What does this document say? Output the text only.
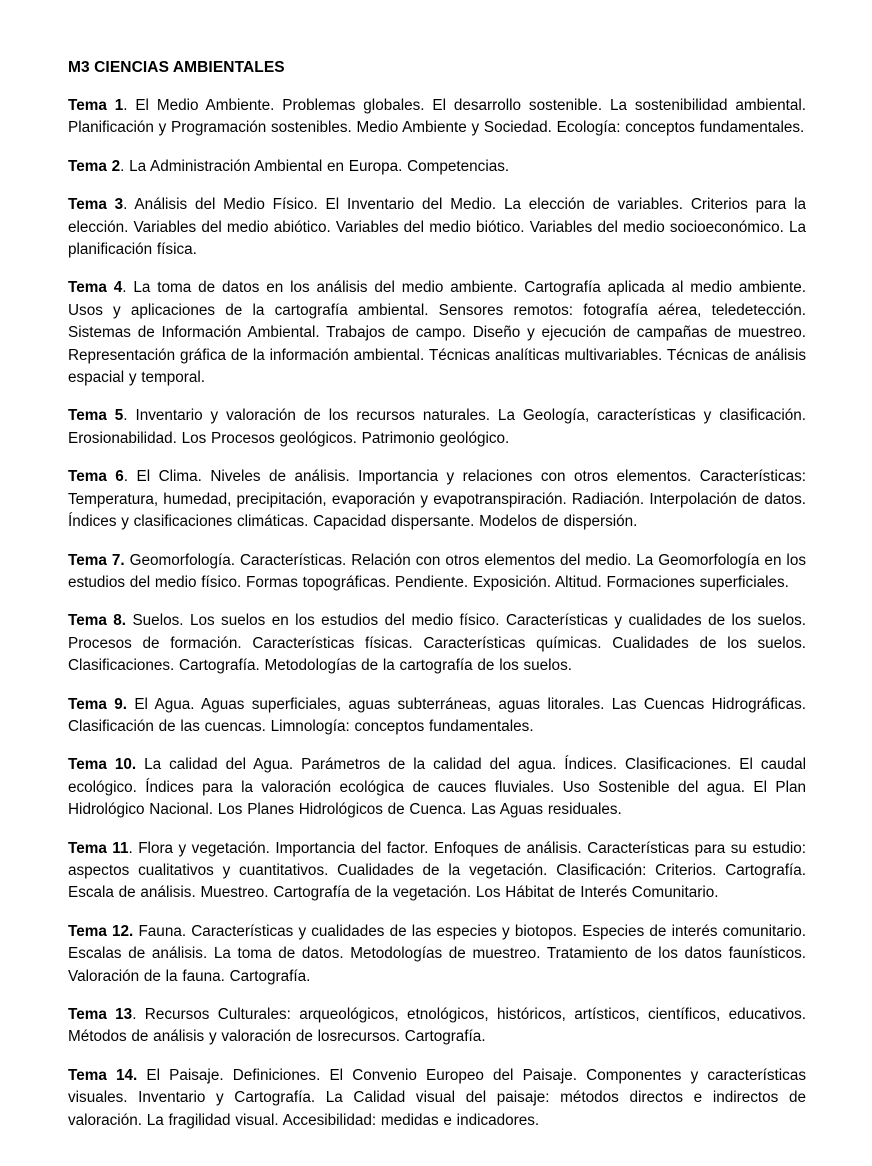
M3 CIENCIAS AMBIENTALES

Tema 1. El Medio Ambiente. Problemas globales. El desarrollo sostenible. La sostenibilidad ambiental. Planificación y Programación sostenibles. Medio Ambiente y Sociedad. Ecología: conceptos fundamentales.

Tema 2. La Administración Ambiental en Europa. Competencias.

Tema 3. Análisis del Medio Físico. El Inventario del Medio. La elección de variables. Criterios para la elección. Variables del medio abiótico. Variables del medio biótico. Variables del medio socioeconómico. La planificación física.

Tema 4. La toma de datos en los análisis del medio ambiente. Cartografía aplicada al medio ambiente. Usos y aplicaciones de la cartografía ambiental. Sensores remotos: fotografía aérea, teledetección. Sistemas de Información Ambiental. Trabajos de campo. Diseño y ejecución de campañas de muestreo. Representación gráfica de la información ambiental. Técnicas analíticas multivariables. Técnicas de análisis espacial y temporal.

Tema 5. Inventario y valoración de los recursos naturales. La Geología, características y clasificación. Erosionabilidad. Los Procesos geológicos. Patrimonio geológico.

Tema 6. El Clima. Niveles de análisis. Importancia y relaciones con otros elementos. Características: Temperatura, humedad, precipitación, evaporación y evapotranspiración. Radiación. Interpolación de datos. Índices y clasificaciones climáticas. Capacidad dispersante. Modelos de dispersión.

Tema 7. Geomorfología. Características. Relación con otros elementos del medio. La Geomorfología en los estudios del medio físico. Formas topográficas. Pendiente. Exposición. Altitud. Formaciones superficiales.

Tema 8. Suelos. Los suelos en los estudios del medio físico. Características y cualidades de los suelos. Procesos de formación. Características físicas. Características químicas. Cualidades de los suelos. Clasificaciones. Cartografía. Metodologías de la cartografía de los suelos.

Tema 9. El Agua. Aguas superficiales, aguas subterráneas, aguas litorales. Las Cuencas Hidrográficas. Clasificación de las cuencas. Limnología: conceptos fundamentales.

Tema 10. La calidad del Agua. Parámetros de la calidad del agua. Índices. Clasificaciones. El caudal ecológico. Índices para la valoración ecológica de cauces fluviales. Uso Sostenible del agua. El Plan Hidrológico Nacional. Los Planes Hidrológicos de Cuenca. Las Aguas residuales.

Tema 11. Flora y vegetación. Importancia del factor. Enfoques de análisis. Características para su estudio: aspectos cualitativos y cuantitativos. Cualidades de la vegetación. Clasificación: Criterios. Cartografía. Escala de análisis. Muestreo. Cartografía de la vegetación. Los Hábitat de Interés Comunitario.

Tema 12. Fauna. Características y cualidades de las especies y biotopos. Especies de interés comunitario. Escalas de análisis. La toma de datos. Metodologías de muestreo. Tratamiento de los datos faunísticos. Valoración de la fauna. Cartografía.

Tema 13. Recursos Culturales: arqueológicos, etnológicos, históricos, artísticos, científicos, educativos. Métodos de análisis y valoración de losrecursos. Cartografía.

Tema 14. El Paisaje. Definiciones. El Convenio Europeo del Paisaje. Componentes y características visuales. Inventario y Cartografía. La Calidad visual del paisaje: métodos directos e indirectos de valoración. La fragilidad visual. Accesibilidad: medidas e indicadores.
